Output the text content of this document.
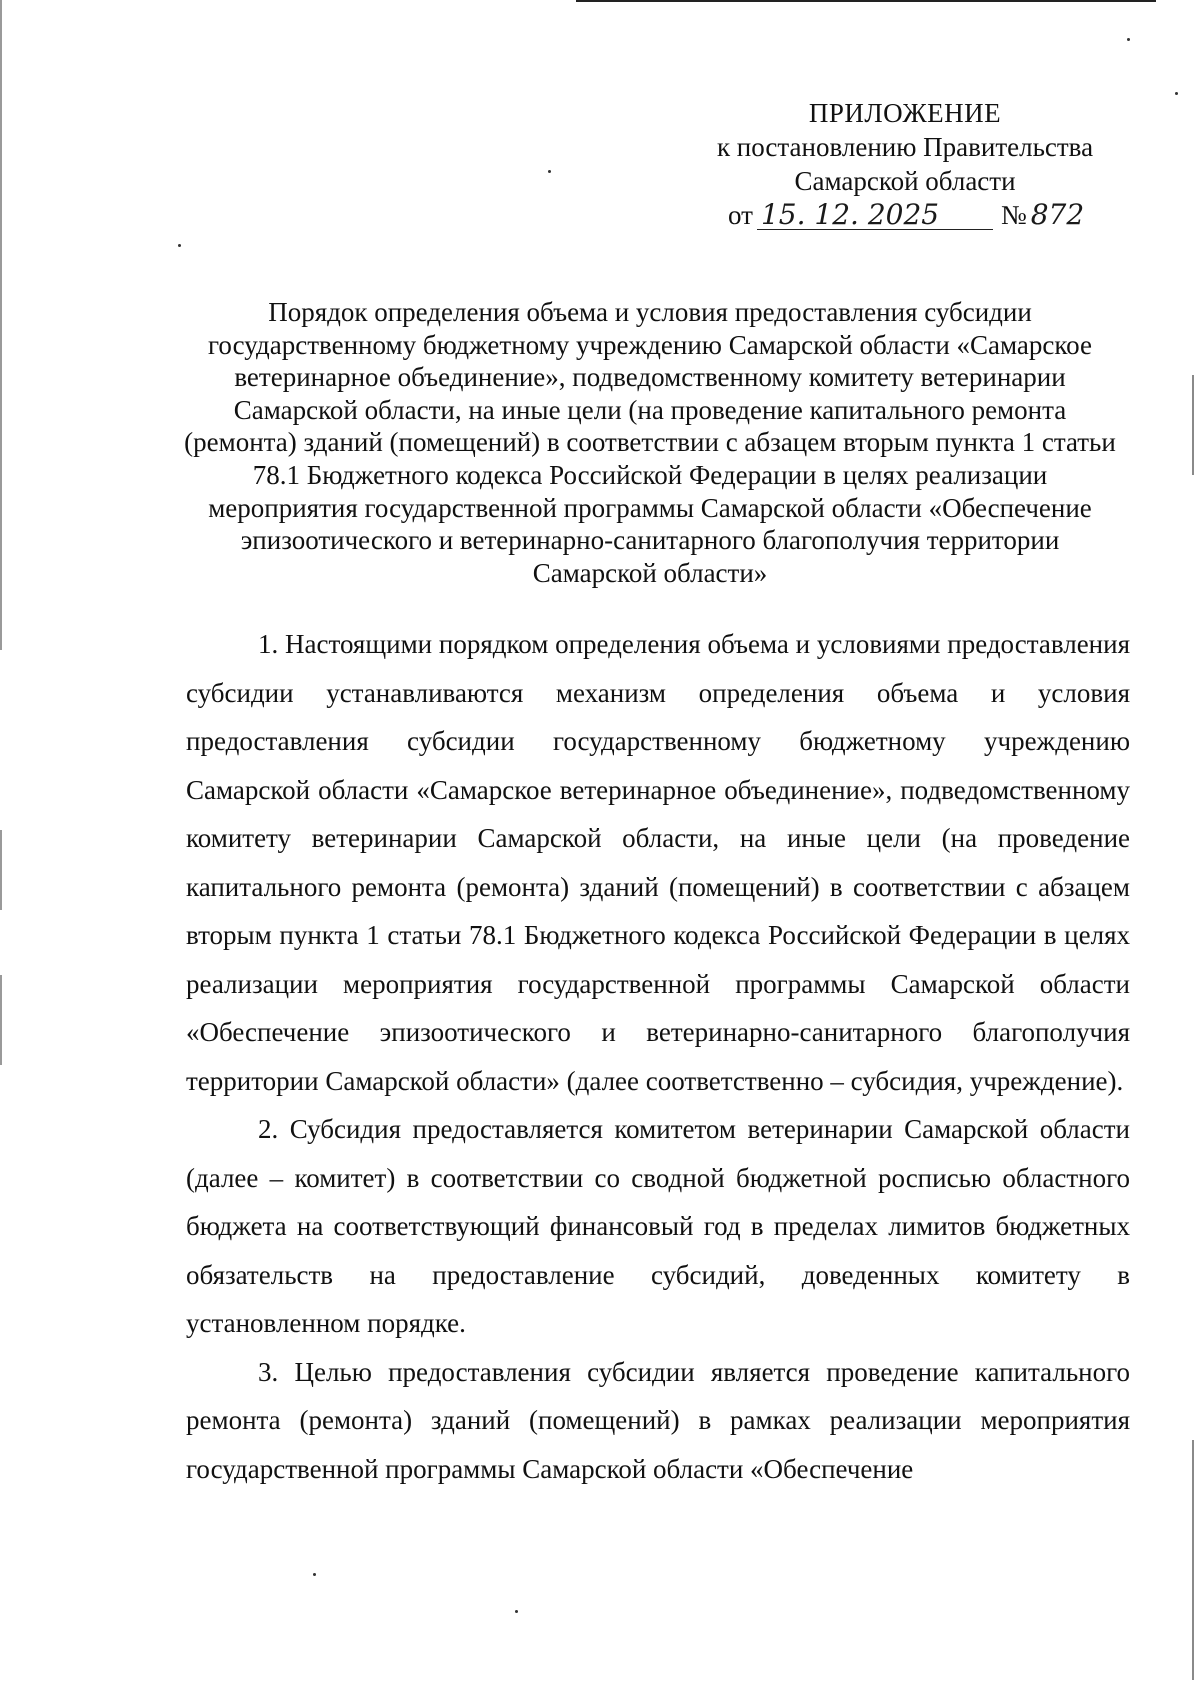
ПРИЛОЖЕНИЕ
к постановлению Правительства
Самарской области
от 15. 12. 2025 № 872
Порядок определения объема и условия предоставления субсидии государственному бюджетному учреждению Самарской области «Самарское ветеринарное объединение», подведомственному комитету ветеринарии Самарской области, на иные цели (на проведение капитального ремонта (ремонта) зданий (помещений) в соответствии с абзацем вторым пункта 1 статьи 78.1 Бюджетного кодекса Российской Федерации в целях реализации мероприятия государственной программы Самарской области «Обеспечение эпизоотического и ветеринарно-санитарного благополучия территории Самарской области»

1. Настоящими порядком определения объема и условиями предоставления субсидии устанавливаются механизм определения объема и условия предоставления субсидии государственному бюджетному учреждению Самарской области «Самарское ветеринарное объединение», подведомственному комитету ветеринарии Самарской области, на иные цели (на проведение капитального ремонта (ремонта) зданий (помещений) в соответствии с абзацем вторым пункта 1 статьи 78.1 Бюджетного кодекса Российской Федерации в целях реализации мероприятия государственной программы Самарской области «Обеспечение эпизоотического и ветеринарно-санитарного благополучия территории Самарской области» (далее соответственно – субсидия, учреждение).

2. Субсидия предоставляется комитетом ветеринарии Самарской области (далее – комитет) в соответствии со сводной бюджетной росписью областного бюджета на соответствующий финансовый год в пределах лимитов бюджетных обязательств на предоставление субсидий, доведенных комитету в установленном порядке.

3. Целью предоставления субсидии является проведение капитального ремонта (ремонта) зданий (помещений) в рамках реализации мероприятия государственной программы Самарской области «Обеспечение
